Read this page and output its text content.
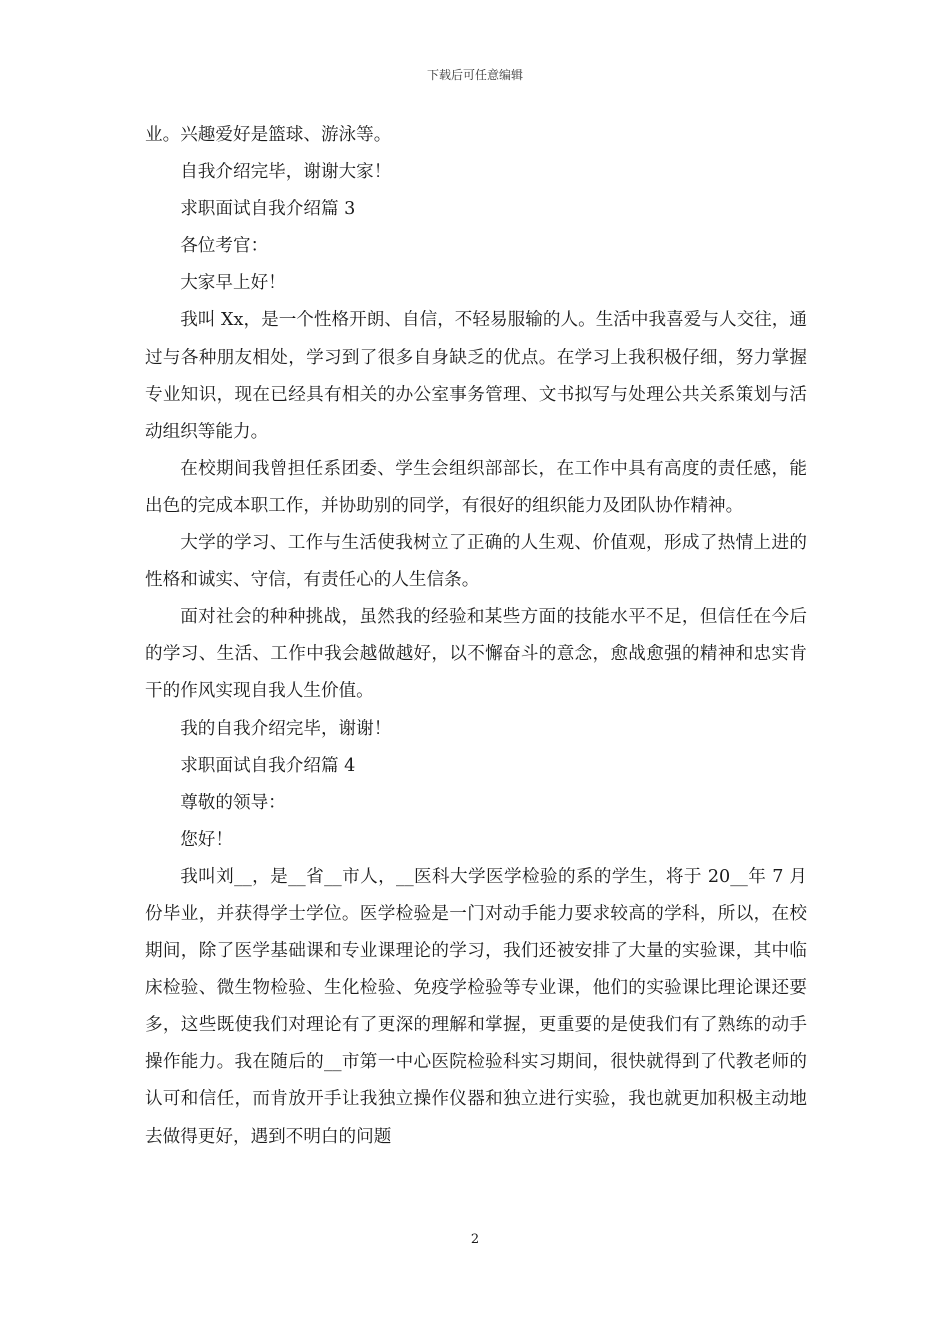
下载后可任意编辑

业。兴趣爱好是篮球、游泳等。

自我介绍完毕，谢谢大家！

求职面试自我介绍篇 3

各位考官：

大家早上好！

我叫 Xx，是一个性格开朗、自信，不轻易服输的人。生活中我喜爱与人交往，通过与各种朋友相处，学习到了很多自身缺乏的优点。在学习上我积极仔细，努力掌握专业知识，现在已经具有相关的办公室事务管理、文书拟写与处理公共关系策划与活动组织等能力。

在校期间我曾担任系团委、学生会组织部部长，在工作中具有高度的责任感，能出色的完成本职工作，并协助别的同学，有很好的组织能力及团队协作精神。

大学的学习、工作与生活使我树立了正确的人生观、价值观，形成了热情上进的性格和诚实、守信，有责任心的人生信条。

面对社会的种种挑战，虽然我的经验和某些方面的技能水平不足，但信任在今后的学习、生活、工作中我会越做越好，以不懈奋斗的意念，愈战愈强的精神和忠实肯干的作风实现自我人生价值。

我的自我介绍完毕，谢谢！

求职面试自我介绍篇 4

尊敬的领导：

您好！

我叫刘__，是__省__市人，__医科大学医学检验的系的学生，将于 20__年 7 月份毕业，并获得学士学位。医学检验是一门对动手能力要求较高的学科，所以，在校期间，除了医学基础课和专业课理论的学习，我们还被安排了大量的实验课，其中临床检验、微生物检验、生化检验、免疫学检验等专业课，他们的实验课比理论课还要多，这些既使我们对理论有了更深的理解和掌握，更重要的是使我们有了熟练的动手操作能力。我在随后的__市第一中心医院检验科实习期间，很快就得到了代教老师的认可和信任，而肯放开手让我独立操作仪器和独立进行实验，我也就更加积极主动地去做得更好，遇到不明白的问题

2
